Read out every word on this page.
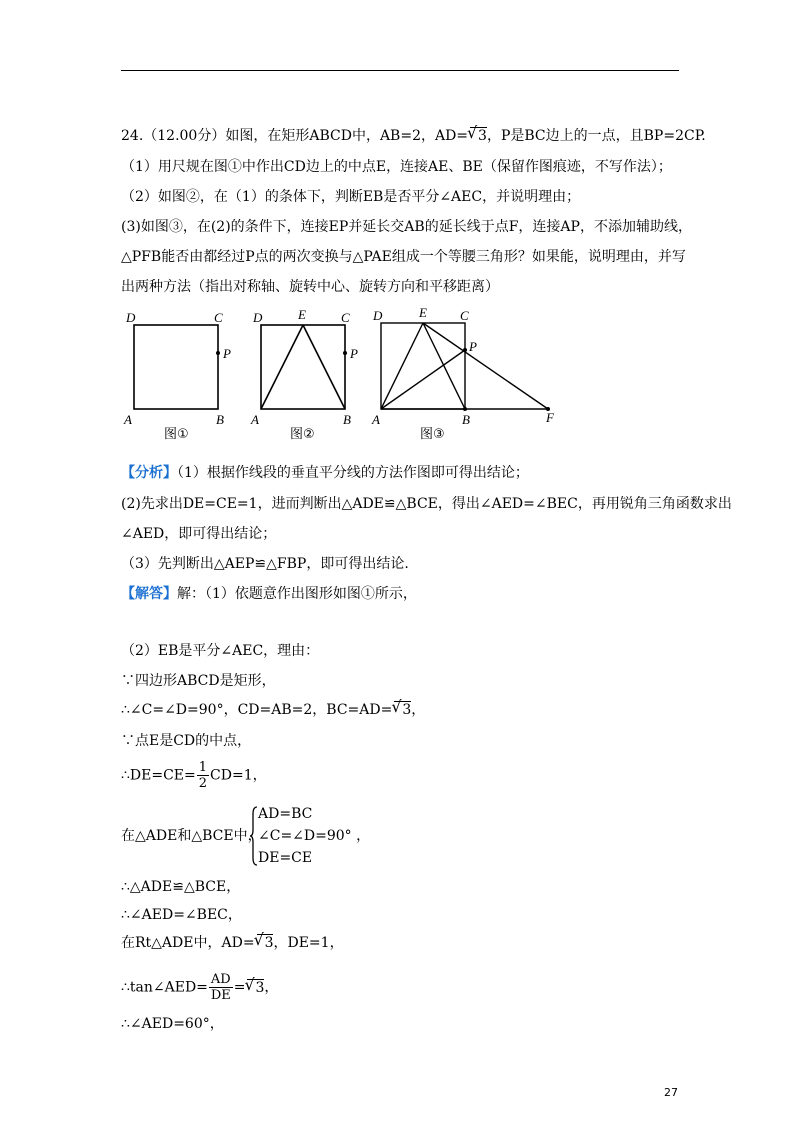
24.（12.00分）如图，在矩形ABCD中，AB=2，AD= √ 3，P是BC边上的一点，且BP=2CP.
（1）用尺规在图①中作出CD边上的中点E，连接AE、BE（保留作图痕迹，不写作法）；
（2）如图②，在（1）的条体下，判断EB是否平分∠AEC，并说明理由；
(3)如图③，在(2)的条件下，连接EP并延长交AB的延长线于点F，连接AP，不添加辅助线，
△PFB能否由都经过P点的两次变换与△PAE组成一个等腰三角形？如果能，说明理由，并写
出两种方法（指出对称轴、旋转中心、旋转方向和平移距离）
D	C
P
A	B
图①
D	E	C
P
A	B
图②
D	E	C
P
A	B	F
图③
【分析】（1）根据作线段的垂直平分线的方法作图即可得出结论；
(2)先求出DE=CE=1，进而判断出△ADE≌△BCE，得出∠AED=∠BEC，再用锐角三角函数求出
∠AED，即可得出结论；
（3）先判断出△AEP≌△FBP，即可得出结论.
【解答】解：（1）依题意作出图形如图①所示，
（2）EB是平分∠AEC，理由：
∵四边形ABCD是矩形，
∴∠C=∠D=90°，CD=AB=2，BC=AD= √ 3，
∵点E是CD的中点，
∴DE=CE= $\frac{1}{2} CD=1$，
在△ADE和△BCE中，
AD=BC
∠C=∠D=90° ，
DE=CE
∴△ADE≌△BCE，
∴∠AED=∠BEC，
在Rt△ADE中，AD= √ 3，DE=1，
∴tan∠AED= $\frac{AD}{DE}$ = √ 3，
∴∠AED=60°，
27
